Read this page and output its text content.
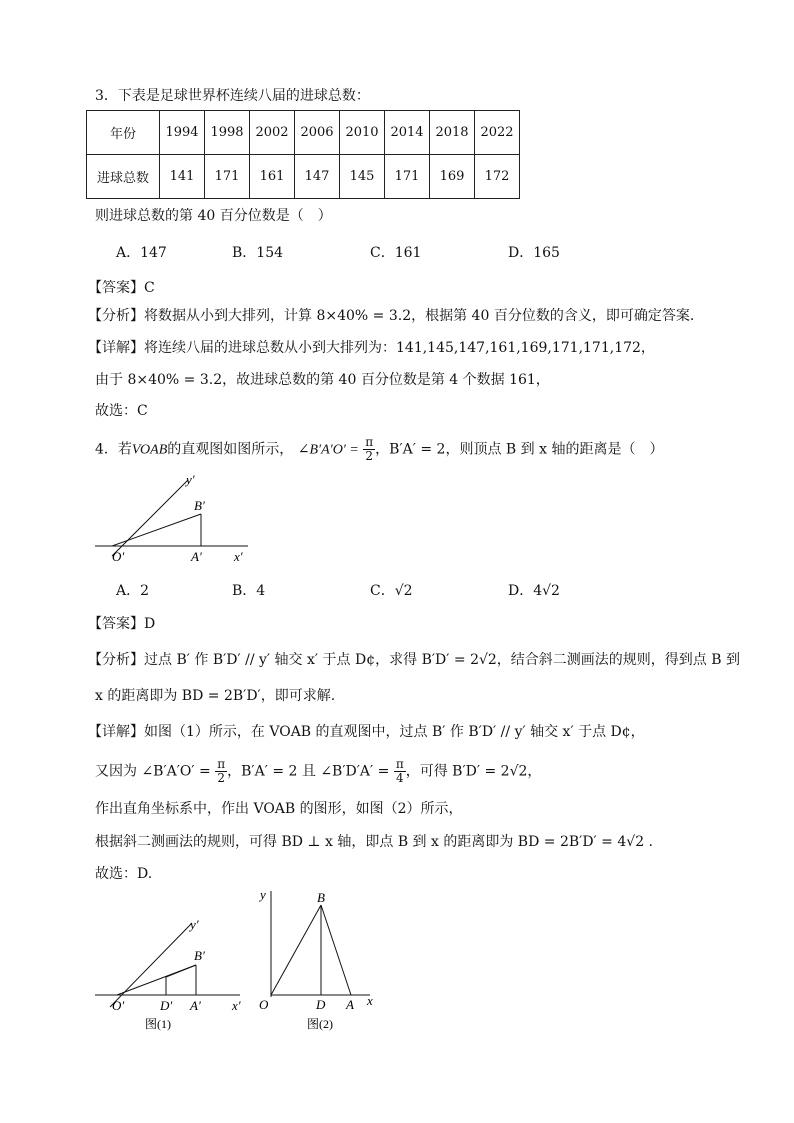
3．下表是足球世界杯连续八届的进球总数：
年份	1994	1998	2002	2006	2010	2014	2018	2022
进球总数	141	171	161	147	145	171	169	172
则进球总数的第 40 百分位数是（　）
A．147	B．154	C．161	D．165
【答案】C
【分析】将数据从小到大排列，计算 8×40% = 3.2，根据第 40 百分位数的含义，即可确定答案.
【详解】将连续八届的进球总数从小到大排列为：141,145,147,161,169,171,171,172，
由于 8×40% = 3.2，故进球总数的第 40 百分位数是第 4 个数据 161，
故选：C
4．若VOAB的直观图如图所示， ∠B′A′O′ = $\frac{\pi}{2}$ ，B′A′ = 2，则顶点 B 到 x 轴的距离是（　）
y′
B′
O′	A′ x′
A．2	B．4	C．√2	D．4√2
【答案】D
【分析】过点 B′ 作 B′D′ // y′ 轴交 x′ 于点 D¢，求得 B′D′ = 2√2，结合斜二测画法的规则，得到点 B 到
x 的距离即为 BD = 2B′D′，即可求解.
【详解】如图（1）所示，在 VOAB 的直观图中，过点 B′ 作 B′D′ // y′ 轴交 x′ 于点 D¢，
又因为 ∠B′A′O′ = $\frac{\pi}{2}$ ，B′A′ = 2 且 ∠B′D′A′ = $\frac{\pi}{4}$ ，可得 B′D′ = 2√2，
作出直角坐标系中，作出 VOAB 的图形，如图（2）所示，
根据斜二测画法的规则，可得 BD ⊥ x 轴，即点 B 到 x 的距离即为 BD = 2B′D′ = 4√2 .
故选：D.
y′
B′
O′	D′ A′ x′
图(1)
y	B
O	D A x
图(2)
